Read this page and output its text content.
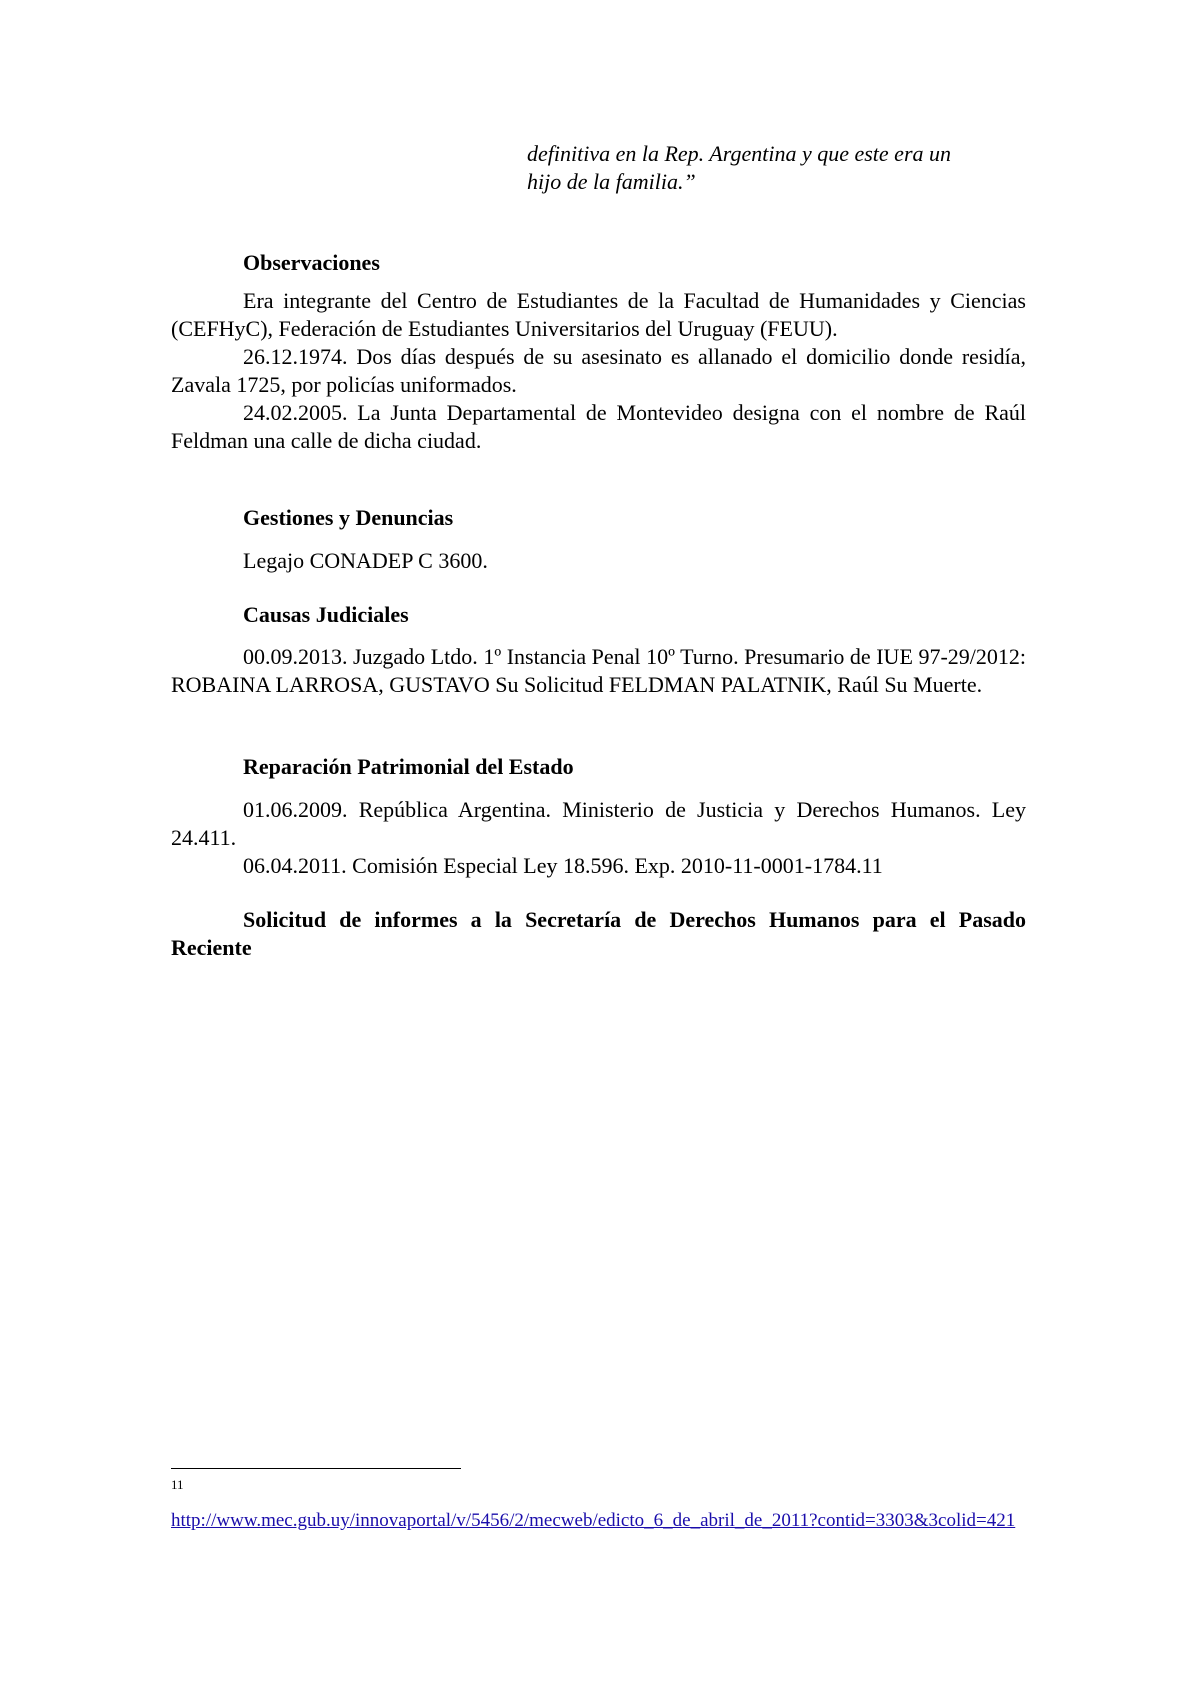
definitiva en la Rep. Argentina y que este era un

hijo de la familia.”

Observaciones

Era integrante del Centro de Estudiantes de la Facultad de Humanidades y Ciencias (CEFHyC), Federación de Estudiantes Universitarios del Uruguay (FEUU).

26.12.1974. Dos días después de su asesinato es allanado el domicilio donde residía, Zavala 1725, por policías uniformados.

24.02.2005. La Junta Departamental de Montevideo designa con el nombre de Raúl Feldman una calle de dicha ciudad.

Gestiones y Denuncias

Legajo CONADEP C 3600.

Causas Judiciales

00.09.2013. Juzgado Ltdo. 1º Instancia Penal 10º Turno. Presumario de IUE 97-29/2012: ROBAINA LARROSA, GUSTAVO Su Solicitud FELDMAN PALATNIK, Raúl Su Muerte.

Reparación Patrimonial del Estado

01.06.2009. República Argentina. Ministerio de Justicia y Derechos Humanos. Ley 24.411.

06.04.2011. Comisión Especial Ley 18.596. Exp. 2010-11-0001-1784.11

Solicitud de informes a la Secretaría de Derechos Humanos para el Pasado Reciente
11
http://www.mec.gub.uy/innovaportal/v/5456/2/mecweb/edicto_6_de_abril_de_2011?contid=3303&3colid=421
